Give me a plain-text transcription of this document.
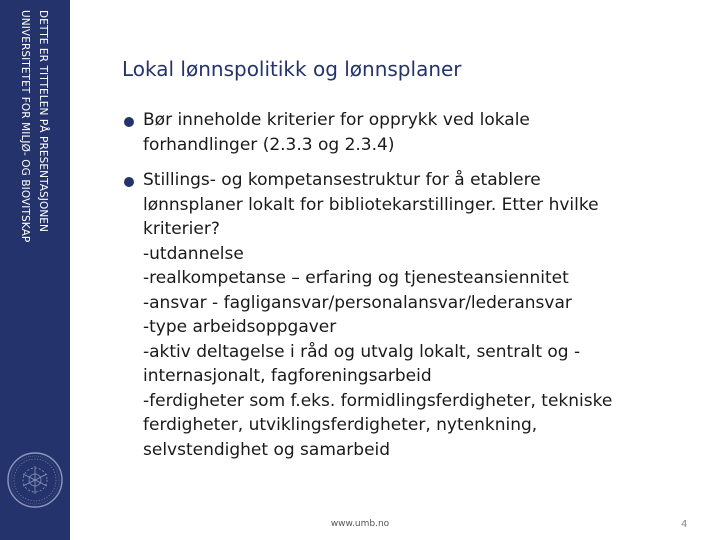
DETTE ER TITTELEN PÅ PRESENTASJONEN
UNIVERSITETET FOR MILJØ- OG BIOVITSKAP	Lokal lønnspolitikk og lønnsplaner
Bør inneholde kriterier for opprykk ved lokale
forhandlinger (2.3.3 og 2.3.4)
Stillings- og kompetansestruktur for å etablere
lønnsplaner lokalt for bibliotekarstillinger. Etter hvilke
kriterier?
-utdannelse
-realkompetanse – erfaring og tjenesteansiennitet
-ansvar - fagligansvar/personalansvar/lederansvar
-type arbeidsoppgaver
-aktiv deltagelse i råd og utvalg lokalt, sentralt og -
internasjonalt, fagforeningsarbeid
-ferdigheter som f.eks. formidlingsferdigheter, tekniske
ferdigheter, utviklingsferdigheter, nytenkning,
selvstendighet og samarbeid
www.umb.no	4
